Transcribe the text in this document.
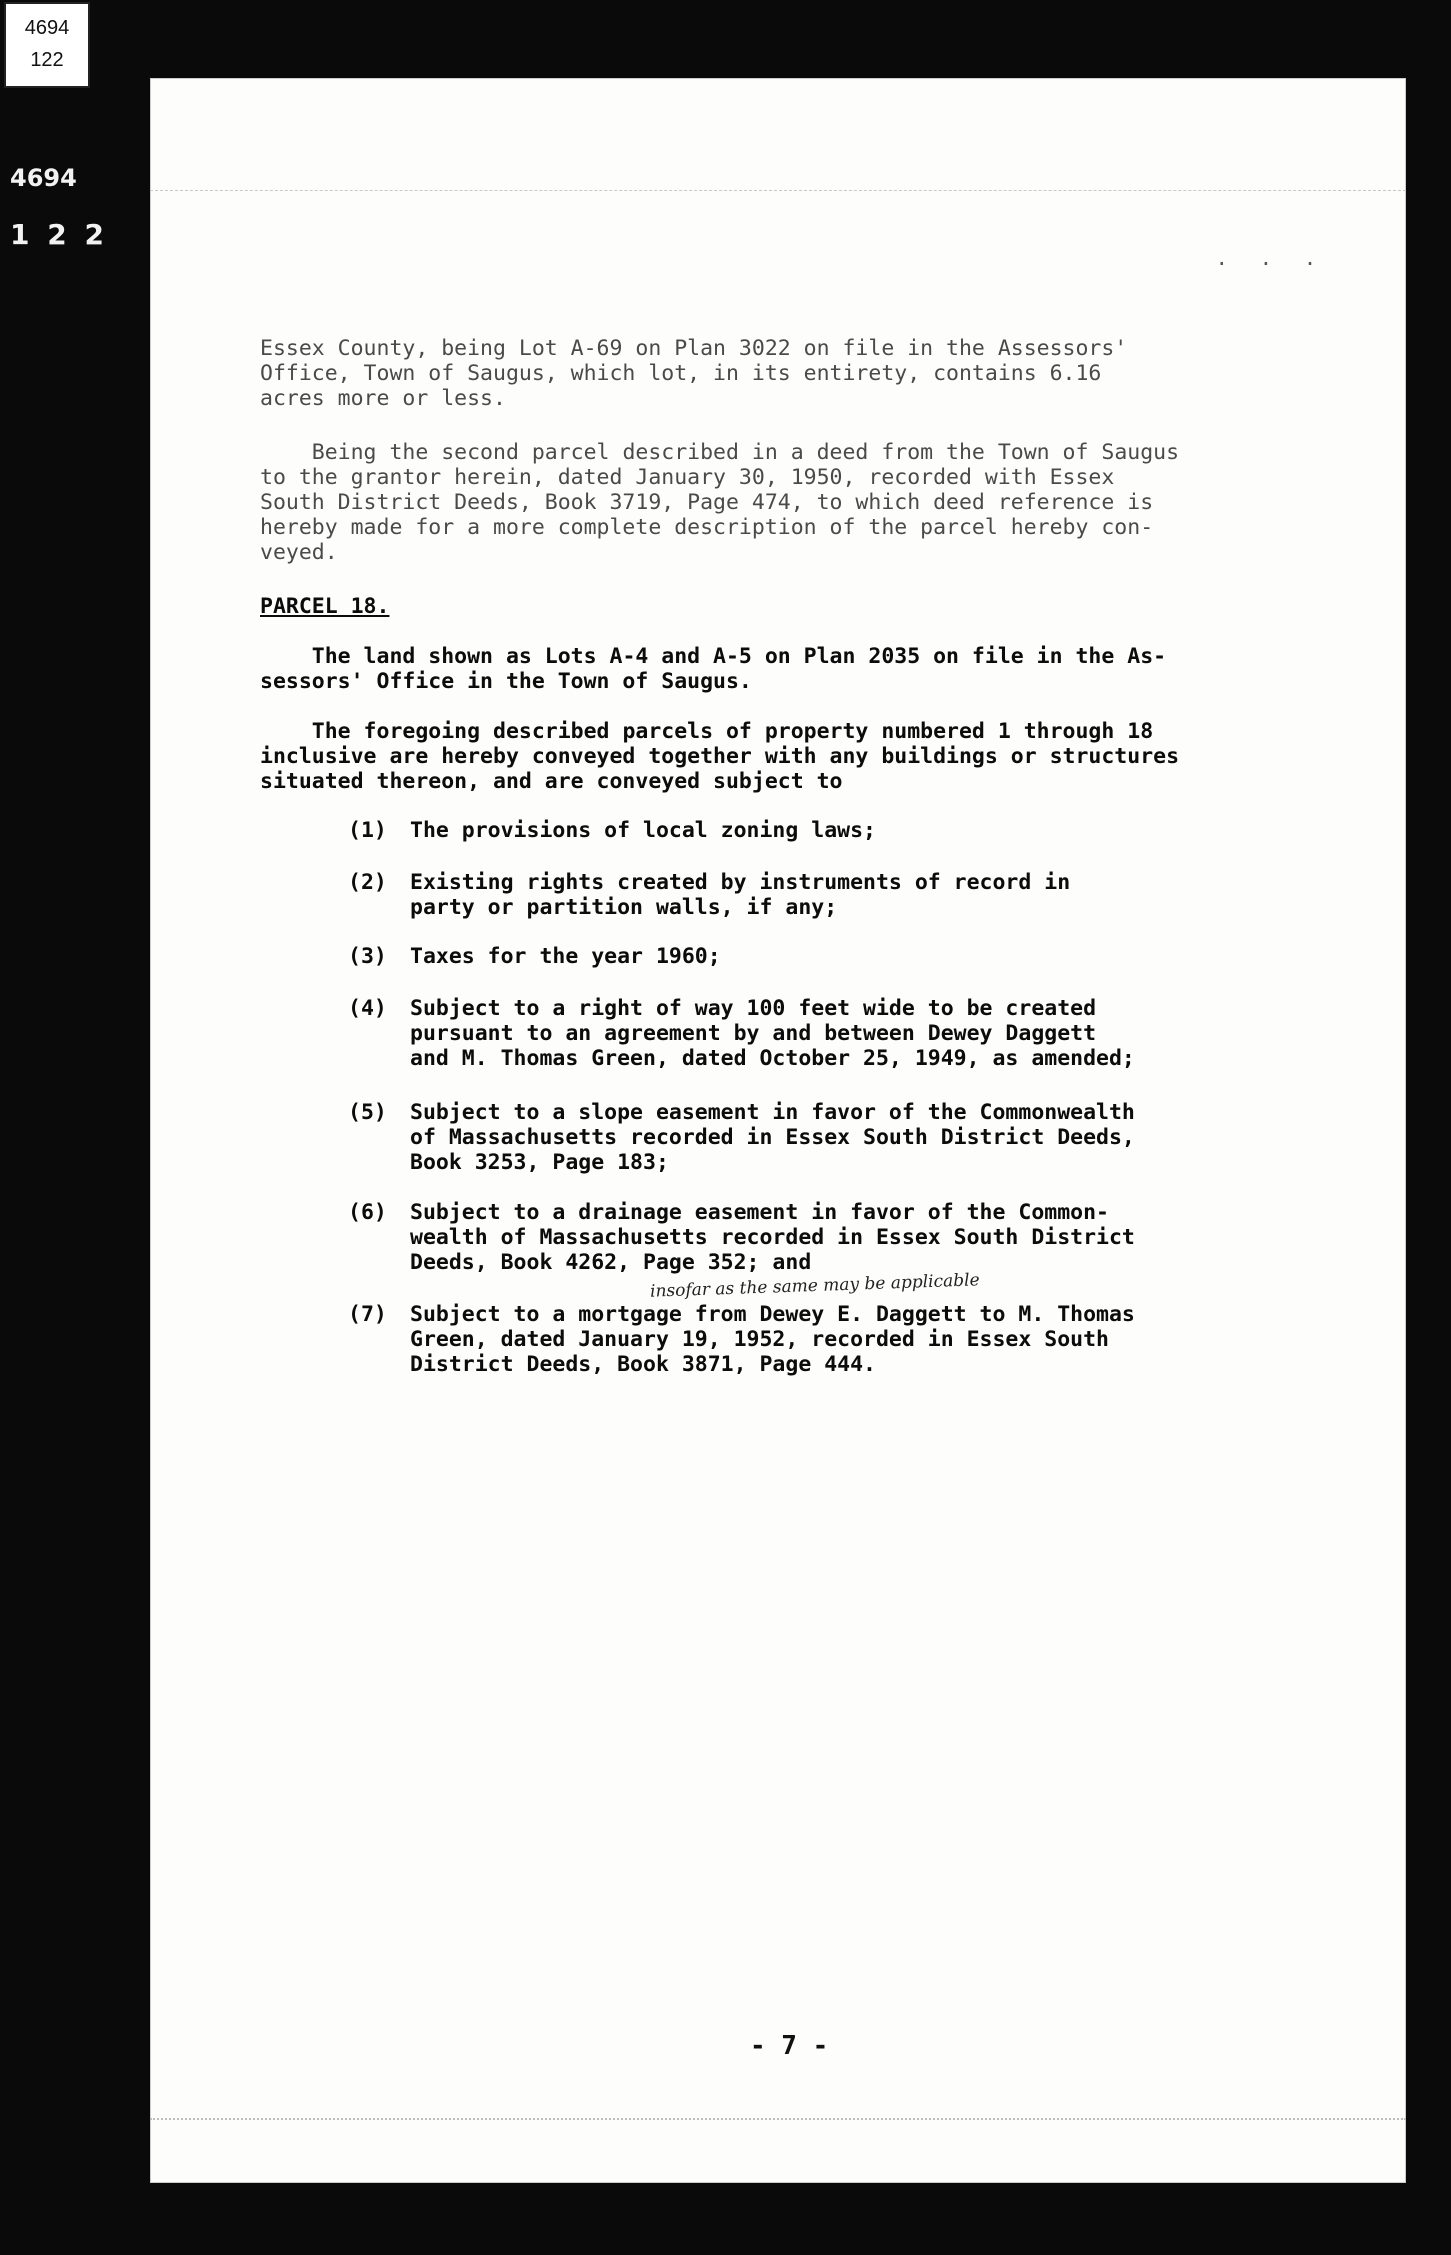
4694
122
4694
1 2 2
. . .
Essex County, being Lot A-69 on Plan 3022 on file in the Assessors'
Office, Town of Saugus, which lot, in its entirety, contains 6.16
acres more or less.
Being the second parcel described in a deed from the Town of Saugus
to the grantor herein, dated January 30, 1950, recorded with Essex
South District Deeds, Book 3719, Page 474, to which deed reference is
hereby made for a more complete description of the parcel hereby con-
veyed.
PARCEL 18.
The land shown as Lots A-4 and A-5 on Plan 2035 on file in the As-
sessors' Office in the Town of Saugus.
The foregoing described parcels of property numbered 1 through 18
inclusive are hereby conveyed together with any buildings or structures
situated thereon, and are conveyed subject to
(1) The provisions of local zoning laws;
(2) Existing rights created by instruments of record in
party or partition walls, if any;
(3) Taxes for the year 1960;
(4) Subject to a right of way 100 feet wide to be created
pursuant to an agreement by and between Dewey Daggett
and M. Thomas Green, dated October 25, 1949, as amended;
(5) Subject to a slope easement in favor of the Commonwealth
of Massachusetts recorded in Essex South District Deeds,
Book 3253, Page 183;
(6) Subject to a drainage easement in favor of the Common-
wealth of Massachusetts recorded in Essex South District
Deeds, Book 4262, Page 352; and
insofar as the same may be applicable
(7) Subject to a mortgage from Dewey E. Daggett to M. Thomas
Green, dated January 19, 1952, recorded in Essex South
District Deeds, Book 3871, Page 444.
- 7 -
